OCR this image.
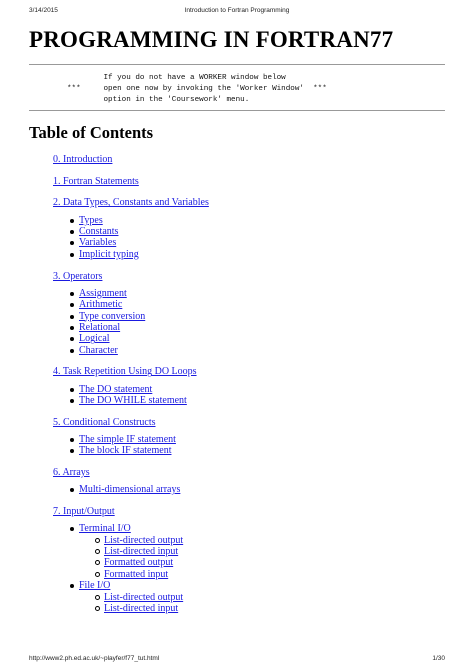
3/14/2015	Introduction to Fortran Programming
PROGRAMMING IN FORTRAN77
If you do not have a WORKER window below
***     open one now by invoking the 'Worker Window'  ***
option in the 'Coursework' menu.
Table of Contents
0. Introduction
1. Fortran Statements
2. Data Types, Constants and Variables
Types
Constants
Variables
Implicit typing
3. Operators
Assignment
Arithmetic
Type conversion
Relational
Logical
Character
4. Task Repetition Using DO Loops
The DO statement
The DO WHILE statement
5. Conditional Constructs
The simple IF statement
The block IF statement
6. Arrays
Multi-dimensional arrays
7. Input/Output
Terminal I/O
List-directed output
List-directed input
Formatted output
Formatted input
File I/O
List-directed output
List-directed input
http://www2.ph.ed.ac.uk/~playfer/f77_tut.html	1/30
